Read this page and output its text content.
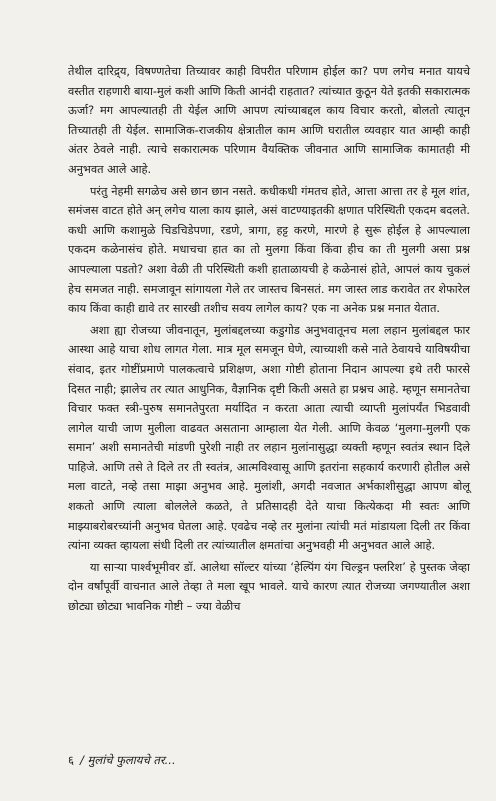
तेथील दारिद्र्य, विषण्णतेचा तिच्यावर काही विपरीत परिणाम होईल का? पण लगेच मनात यायचे वस्तीत राहणारी बाया-मुलं कशी आणि किती आनंदी राहतात? त्यांच्यात कुठून येते इतकी सकारात्मक ऊर्जा? मग आपल्यातही ती येईल आणि आपण त्यांच्याबद्दल काय विचार करतो, बोलतो त्यातून तिच्यातही ती येईल. सामाजिक-राजकीय क्षेत्रातील काम आणि घरातील व्यवहार यात आम्ही काही अंतर ठेवले नाही. त्याचे सकारात्मक परिणाम वैयक्तिक जीवनात आणि सामाजिक कामातही मी अनुभवत आले आहे.

परंतु नेहमी सगळेच असे छान छान नसते. कधीकधी गंमतच होते, आत्ता आत्ता तर हे मूल शांत, समंजस वाटत होते अन् लगेच याला काय झाले, असं वाटण्याइतकी क्षणात परिस्थिती एकदम बदलते. कधी आणि कशामुळे चिडचिडेपणा, रडणे, त्रागा, हट्ट करणे, मारणे हे सुरू होईल हे आपल्याला एकदम कळेनासंच होते. मधाचचा हात का तो मुलगा किंवा किंवा हीच का ती मुलगी असा प्रश्न आपल्याला पडतो? अशा वेळी ती परिस्थिती कशी हाताळायची हे कळेनासं होते, आपलं काय चुकलं हेच समजत नाही. समजावून सांगायला गेले तर जास्तच बिनसतं. मग जास्त लाड करावेत तर शेफारेल काय किंवा काही द्यावे तर सारखी तशीच सवय लागेल काय? एक ना अनेक प्रश्न मनात येतात.

अशा ह्या रोजच्या जीवनातून, मुलांबद्दलच्या कडुगोड अनुभवातूनच मला लहान मुलांबद्दल फार आस्था आहे याचा शोध लागत गेला. मात्र मूल समजून घेणे, त्याच्याशी कसे नाते ठेवायचे याविषयीचा संवाद, इतर गोष्टींप्रमाणे पालकत्वाचे प्रशिक्षण, अशा गोष्टी होताना निदान आपल्या इथे तरी फारसे दिसत नाही; झालेच तर त्यात आधुनिक, वैज्ञानिक दृष्टी किती असते हा प्रश्नच आहे. म्हणून समानतेचा विचार फक्त स्त्री-पुरुष समानतेपुरता मर्यादित न करता आता त्याची व्याप्ती मुलांपर्यंत भिडवावी लागेल याची जाण मुलीला वाढवत असताना आम्हाला येत गेली. आणि केवळ ‘मुलगा-मुलगी एक समान’ अशी समानतेची मांडणी पुरेशी नाही तर लहान मुलांनासुद्धा व्यक्ती म्हणून स्वतंत्र स्थान दिले पाहिजे. आणि तसे ते दिले तर ती स्वतंत्र, आत्मविश्वासू आणि इतरांना सहकार्य करणारी होतील असे मला वाटते, नव्हे तसा माझा अनुभव आहे. मुलांशी, अगदी नवजात अर्भकाशीसुद्धा आपण बोलू शकतो आणि त्याला बोललेले कळते, ते प्रतिसादही देते याचा कित्येकदा मी स्वतः आणि माझ्याबरोबरच्यांनी अनुभव घेतला आहे. एवढेच नव्हे तर मुलांना त्यांची मतं मांडायला दिली तर किंवा त्यांना व्यक्त व्हायला संधी दिली तर त्यांच्यातील क्षमतांचा अनुभवही मी अनुभवत आले आहे.

या साऱ्या पार्श्वभूमीवर डॉ. आलेथा सॉल्टर यांच्या ‘हेल्पिंग यंग चिल्ड्रन फ्लरिश’ हे पुस्तक जेव्हा दोन वर्षांपूर्वी वाचनात आले तेव्हा ते मला खूप भावले. याचे कारण त्यात रोजच्या जगण्यातील अशा छोट्या छोट्या भावनिक गोष्टी – ज्या वेळीच

६ / मुलांचे फुलायचे तर...
